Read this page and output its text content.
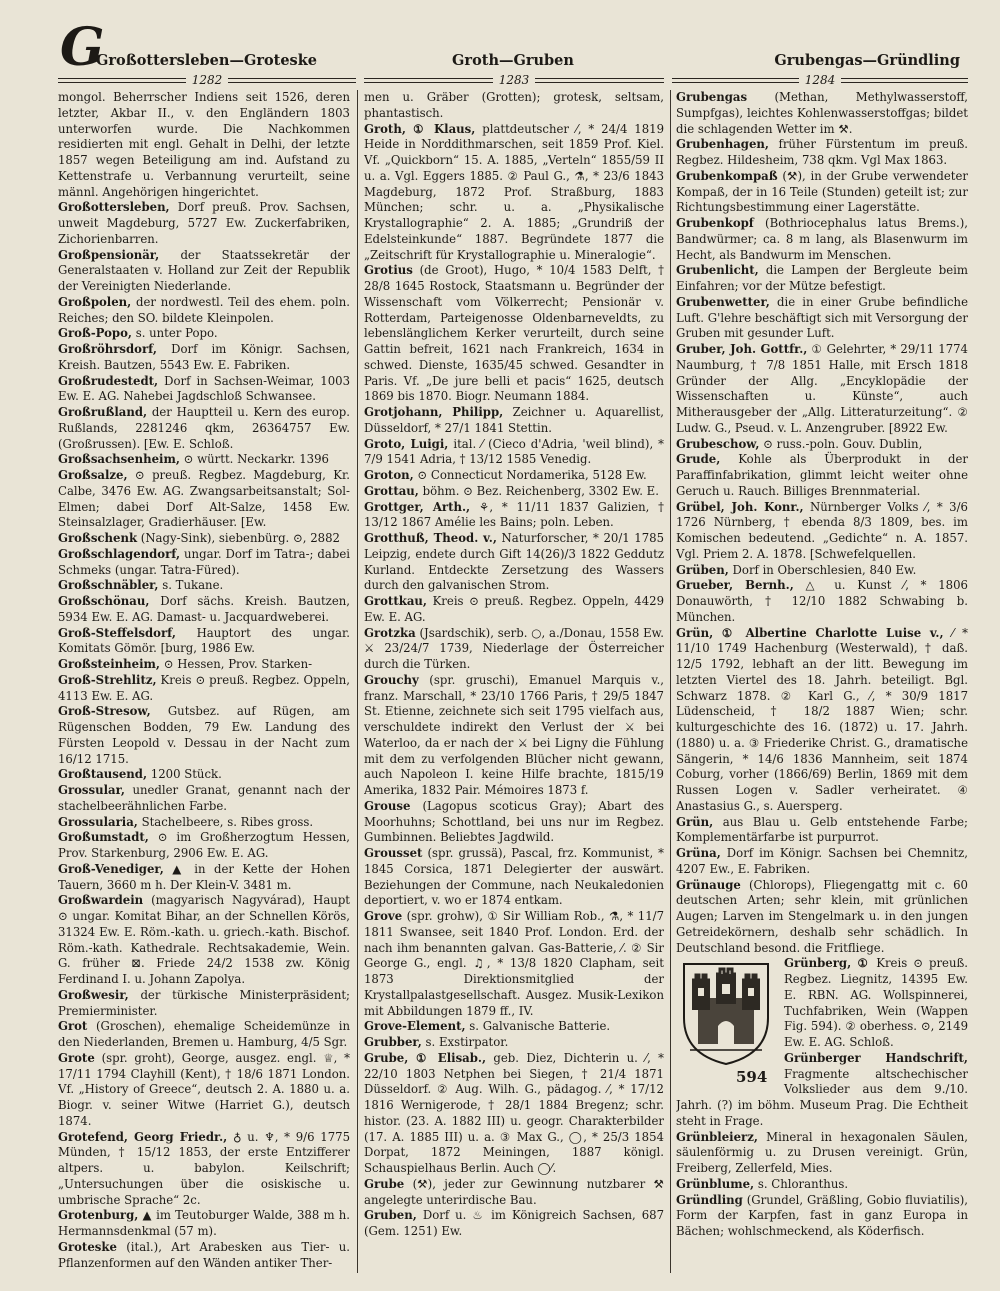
G
Großottersleben—Groteske	Groth—Gruben	Grubengas—Gründling
1282	1283	1284

mongol. Beherrscher Indiens seit 1526, deren letzter, Akbar II., v. den Engländern 1803 unterworfen wurde. Die Nachkommen residierten mit engl. Gehalt in Delhi, der letzte 1857 wegen Beteiligung am ind. Aufstand zu Kettenstrafe u. Verbannung verurteilt, seine männl. Angehörigen hingerichtet.

Großottersleben, Dorf preuß. Prov. Sachsen, unweit Magdeburg, 5727 Ew. Zuckerfabriken, Zichorienbarren.

Großpensionär, der Staatssekretär der Generalstaaten v. Holland zur Zeit der Republik der Vereinigten Niederlande.

Großpolen, der nordwestl. Teil des ehem. poln. Reiches; den SO. bildete Kleinpolen.

Groß-Popo, s. unter Popo.

Großröhrsdorf, Dorf im Königr. Sachsen, Kreish. Bautzen, 5543 Ew. E. Fabriken.

Großrudestedt, Dorf in Sachsen-Weimar, 1003 Ew. E. AG. Nahebei Jagdschloß Schwansee.

Großrußland, der Hauptteil u. Kern des europ. Rußlands, 2281246 qkm, 26364757 Ew. (Großrussen). [Ew. E. Schloß.

Großsachsenheim, ⊙ württ. Neckarkr. 1396

Großsalze, ⊙ preuß. Regbez. Magdeburg, Kr. Calbe, 3476 Ew. AG. Zwangsarbeitsanstalt; Sol- Elmen; dabei Dorf Alt-Salze, 1458 Ew. Steinsalzlager, Gradierhäuser. [Ew.

Großschenk (Nagy-Sink), siebenbürg. ⊙, 2882

Großschlagendorf, ungar. Dorf im Tatra-; dabei Schmeks (ungar. Tatra-Füred).

Großschnäbler, s. Tukane.

Großschönau, Dorf sächs. Kreish. Bautzen, 5934 Ew. E. AG. Damast- u. Jacquardweberei.

Groß-Steffelsdorf, Hauptort des ungar. Komitats Gömör. [burg, 1986 Ew.

Großsteinheim, ⊙ Hessen, Prov. Starken-

Groß-Strehlitz, Kreis ⊙ preuß. Regbez. Oppeln, 4113 Ew. E. AG.

Groß-Stresow, Gutsbez. auf Rügen, am Rügenschen Bodden, 79 Ew. Landung des Fürsten Leopold v. Dessau in der Nacht zum 16/12 1715.

Großtausend, 1200 Stück.

Grossular, unedler Granat, genannt nach der stachelbeerähnlichen Farbe.

Grossularia, Stachelbeere, s. Ribes gross.

Großumstadt, ⊙ im Großherzogtum Hessen, Prov. Starkenburg, 2906 Ew. E. AG.

Groß-Venediger, ▲ in der Kette der Hohen Tauern, 3660 m h. Der Klein-V. 3481 m.

Großwardein (magyarisch Nagyvárad), Haupt ⊙ ungar. Komitat Bihar, an der Schnellen Körös, 31324 Ew. E. Röm.-kath. u. griech.-kath. Bischof. Röm.-kath. Kathedrale. Rechtsakademie, Wein. G. früher ⊠. Friede 24/2 1538 zw. König Ferdinand I. u. Johann Zapolya.

Großwesir, der türkische Ministerpräsident; Premierminister.

Grot (Groschen), ehemalige Scheidemünze in den Niederlanden, Bremen u. Hamburg, 4/5 Sgr.

Grote (spr. groht), George, ausgez. engl. ♕, * 17/11 1794 Clayhill (Kent), † 18/6 1871 London. Vf. „History of Greece“, deutsch 2. A. 1880 u. a. Biogr. v. seiner Witwe (Harriet G.), deutsch 1874.

Grotefend, Georg Friedr., ♁ u. ♆, * 9/6 1775 Münden, † 15/12 1853, der erste Entzifferer altpers. u. babylon. Keilschrift; „Untersuchungen über die osiskische u. umbrische Sprache“ 2c.

Grotenburg, ▲ im Teutoburger Walde, 388 m h. Hermannsdenkmal (57 m).

Groteske (ital.), Art Arabesken aus Tier- u. Pflanzenformen auf den Wänden antiker Ther-

men u. Gräber (Grotten); grotesk, seltsam, phantastisch.

Groth, ① Klaus, plattdeutscher ⁄, * 24/4 1819 Heide in Norddithmarschen, seit 1859 Prof. Kiel. Vf. „Quickborn“ 15. A. 1885, „Verteln“ 1855/59 II u. a. Vgl. Eggers 1885. ② Paul G., ⚗, * 23/6 1843 Magdeburg, 1872 Prof. Straßburg, 1883 München; schr. u. a. „Physikalische Krystallographie“ 2. A. 1885; „Grundriß der Edelsteinkunde“ 1887. Begründete 1877 die „Zeitschrift für Krystallographie u. Mineralogie“.

Grotius (de Groot), Hugo, * 10/4 1583 Delft, † 28/8 1645 Rostock, Staatsmann u. Begründer der Wissenschaft vom Völkerrecht; Pensionär v. Rotterdam, Parteigenosse Oldenbarneveldts, zu lebenslänglichem Kerker verurteilt, durch seine Gattin befreit, 1621 nach Frankreich, 1634 in schwed. Dienste, 1635/45 schwed. Gesandter in Paris. Vf. „De jure belli et pacis“ 1625, deutsch 1869 bis 1870. Biogr. Neumann 1884.

Grotjohann, Philipp, Zeichner u. Aquarellist, Düsseldorf, * 27/1 1841 Stettin.

Groto, Luigi, ital. ⁄ (Cieco d'Adria, 'weil blind), * 7/9 1541 Adria, † 13/12 1585 Venedig.

Groton, ⊙ Connecticut Nordamerika, 5128 Ew.

Grottau, böhm. ⊙ Bez. Reichenberg, 3302 Ew. E.

Grottger, Arth., ⚘, * 11/11 1837 Galizien, † 13/12 1867 Amélie les Bains; poln. Leben.

Grotthuß, Theod. v., Naturforscher, * 20/1 1785 Leipzig, endete durch Gift 14(26)/3 1822 Geddutz Kurland. Entdeckte Zersetzung des Wassers durch den galvanischen Strom.

Grottkau, Kreis ⊙ preuß. Regbez. Oppeln, 4429 Ew. E. AG.

Grotzka (Jsardschik), serb. ○, a./Donau, 1558 Ew. ⚔ 23/24/7 1739, Niederlage der Österreicher durch die Türken.

Grouchy (spr. gruschi), Emanuel Marquis v., franz. Marschall, * 23/10 1766 Paris, † 29/5 1847 St. Etienne, zeichnete sich seit 1795 vielfach aus, verschuldete indirekt den Verlust der ⚔ bei Waterloo, da er nach der ⚔ bei Ligny die Fühlung mit dem zu verfolgenden Blücher nicht gewann, auch Napoleon I. keine Hilfe brachte, 1815/19 Amerika, 1832 Pair. Mémoires 1873 f.

Grouse (Lagopus scoticus Gray); Abart des Moorhuhns; Schottland, bei uns nur im Regbez. Gumbinnen. Beliebtes Jagdwild.

Grousset (spr. grussä), Pascal, frz. Kommunist, * 1845 Corsica, 1871 Delegierter der auswärt. Beziehungen der Commune, nach Neukaledonien deportiert, v. wo er 1874 entkam.

Grove (spr. grohw), ① Sir William Rob., ⚗, * 11/7 1811 Swansee, seit 1840 Prof. London. Erd. der nach ihm benannten galvan. Gas-Batterie, ⁄. ② Sir George G., engl. ♫, * 13/8 1820 Clapham, seit 1873 Direktionsmitglied der Krystallpalastgesellschaft. Ausgez. Musik-Lexikon mit Abbildungen 1879 ff., IV.

Grove-Element, s. Galvanische Batterie.

Grubber, s. Exstirpator.

Grube, ① Elisab., geb. Diez, Dichterin u. ⁄, * 22/10 1803 Netphen bei Siegen, † 21/4 1871 Düsseldorf. ② Aug. Wilh. G., pädagog. ⁄, * 17/12 1816 Wernigerode, † 28/1 1884 Bregenz; schr. histor. (23. A. 1882 III) u. geogr. Charakterbilder (17. A. 1885 III) u. a. ③ Max G., ◯, * 25/3 1854 Dorpat, 1872 Meiningen, 1887 königl. Schauspielhaus Berlin. Auch ◯⁄.

Grube (⚒), jeder zur Gewinnung nutzbarer ⚒ angelegte unterirdische Bau.

Gruben, Dorf u. ♨ im Königreich Sachsen, 687 (Gem. 1251) Ew.

Grubengas (Methan, Methylwasserstoff, Sumpfgas), leichtes Kohlenwasserstoffgas; bildet die schlagenden Wetter im ⚒.

Grubenhagen, früher Fürstentum im preuß. Regbez. Hildesheim, 738 qkm. Vgl Max 1863.

Grubenkompaß (⚒), in der Grube verwendeter Kompaß, der in 16 Teile (Stunden) geteilt ist; zur Richtungsbestimmung einer Lagerstätte.

Grubenkopf (Bothriocephalus latus Brems.), Bandwürmer; ca. 8 m lang, als Blasenwurm im Hecht, als Bandwurm im Menschen.

Grubenlicht, die Lampen der Bergleute beim Einfahren; vor der Mütze befestigt.

Grubenwetter, die in einer Grube befindliche Luft. G'lehre beschäftigt sich mit Versorgung der Gruben mit gesunder Luft.

Gruber, Joh. Gottfr., ① Gelehrter, * 29/11 1774 Naumburg, † 7/8 1851 Halle, mit Ersch 1818 Gründer der Allg. „Encyklopädie der Wissenschaften u. Künste“, auch Mitherausgeber der „Allg. Litteraturzeitung“. ② Ludw. G., Pseud. v. L. Anzengruber. [8922 Ew.

Grubeschow, ⊙ russ.-poln. Gouv. Dublin,

Grude, Kohle als Überprodukt in der Paraffinfabrikation, glimmt leicht weiter ohne Geruch u. Rauch. Billiges Brennmaterial.

Grübel, Joh. Konr., Nürnberger Volks ⁄, * 3/6 1726 Nürnberg, † ebenda 8/3 1809, bes. im Komischen bedeutend. „Gedichte“ n. A. 1857. Vgl. Priem 2. A. 1878. [Schwefelquellen.

Grüben, Dorf in Oberschlesien, 840 Ew.

Grueber, Bernh., △ u. Kunst ⁄, * 1806 Donauwörth, † 12/10 1882 Schwabing b. München.

Grün, ① Albertine Charlotte Luise v., ⁄ * 11/10 1749 Hachenburg (Westerwald), † daß. 12/5 1792, lebhaft an der litt. Bewegung im letzten Viertel des 18. Jahrh. beteiligt. Bgl. Schwarz 1878. ② Karl G., ⁄, * 30/9 1817 Lüdenscheid, † 18/2 1887 Wien; schr. kulturgeschichte des 16. (1872) u. 17. Jahrh. (1880) u. a. ③ Friederike Christ. G., dramatische Sängerin, * 14/6 1836 Mannheim, seit 1874 Coburg, vorher (1866/69) Berlin, 1869 mit dem Russen Logen v. Sadler verheiratet. ④ Anastasius G., s. Auersperg.

Grün, aus Blau u. Gelb entstehende Farbe; Komplementärfarbe ist purpurrot.

Grüna, Dorf im Königr. Sachsen bei Chemnitz, 4207 Ew., E. Fabriken.

Grünauge (Chlorops), Fliegengattg mit c. 60 deutschen Arten; sehr klein, mit grünlichen Augen; Larven im Stengelmark u. in den jungen Getreidekörnern, deshalb sehr schädlich. In Deutschland besond. die Fritfliege.

594
Grünberg, ① Kreis ⊙ preuß. Regbez. Liegnitz, 14395 Ew. E. RBN. AG. Wollspinnerei, Tuchfabriken, Wein (Wappen Fig. 594). ② oberhess. ⊙, 2149 Ew. E. AG. Schloß.

Grünberger Handschrift, Fragmente altschechischer Volkslieder aus dem 9./10. Jahrh. (?) im böhm. Museum Prag. Die Echtheit steht in Frage.

Grünbleierz, Mineral in hexagonalen Säulen, säulenförmig u. zu Drusen vereinigt. Grün, Freiberg, Zellerfeld, Mies.

Grünblume, s. Chloranthus.

Gründling (Grundel, Gräßling, Gobio fluviatilis), Form der Karpfen, fast in ganz Europa in Bächen; wohlschmeckend, als Köderfisch.
